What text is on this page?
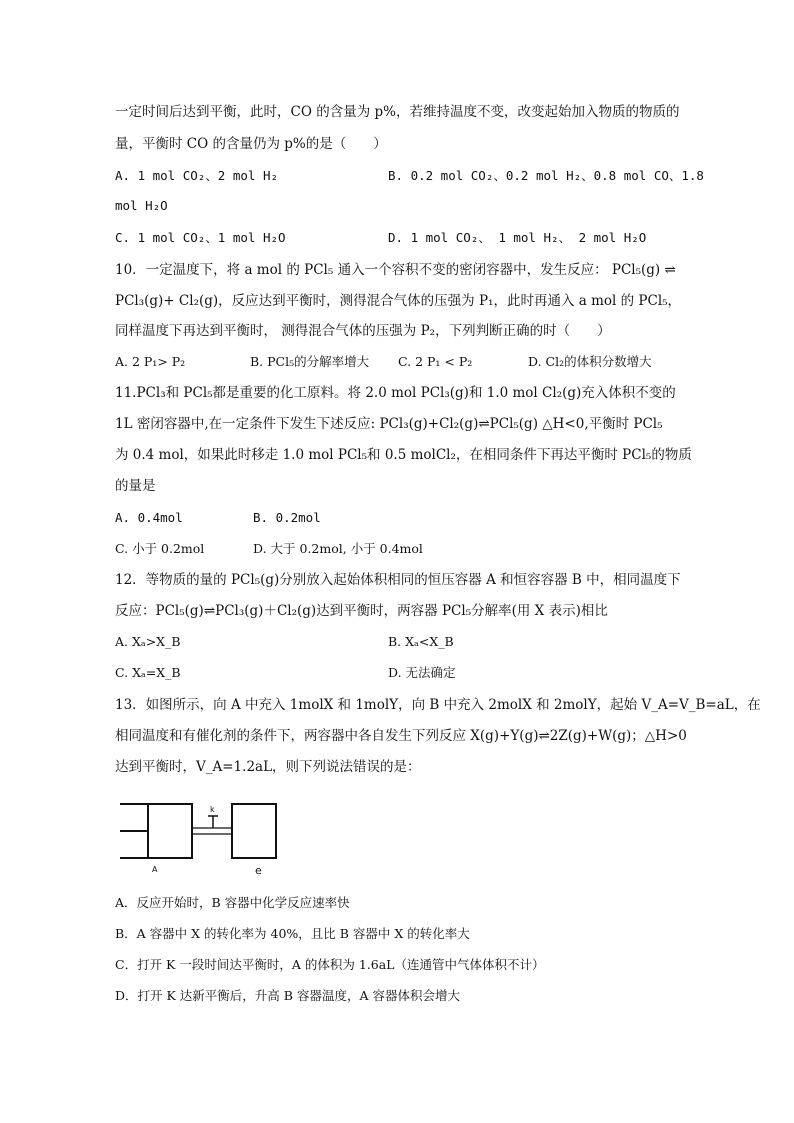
一定时间后达到平衡，此时，CO 的含量为 p%，若维持温度不变，改变起始加入物质的物质的
量，平衡时 CO 的含量仍为 p%的是（　　）
A. 1 mol CO₂、2 mol H₂	B. 0.2 mol CO₂、0.2 mol H₂、0.8 mol CO、1.8
mol H₂O
C. 1 mol CO₂、1 mol H₂O	D. 1 mol CO₂、 1 mol H₂、 2 mol H₂O
10．一定温度下，将 a mol 的 PCl₅ 通入一个容积不变的密闭容器中，发生反应： PCl₅(g) ⇌
PCl₃(g)+ Cl₂(g)，反应达到平衡时，测得混合气体的压强为 P₁，此时再通入 a mol 的 PCl₅，
同样温度下再达到平衡时， 测得混合气体的压强为 P₂，下列判断正确的时（　　）
A. 2 P₁> P₂	B. PCl₅的分解率增大 C. 2 P₁ < P₂	D. Cl₂的体积分数增大
11.PCl₃和 PCl₅都是重要的化工原料。将 2.0 mol PCl₃(g)和 1.0 mol Cl₂(g)充入体积不变的
1L 密闭容器中,在一定条件下发生下述反应: PCl₃(g)+Cl₂(g)⇌PCl₅(g) △H<0,平衡时 PCl₅
为 0.4 mol，如果此时移走 1.0 mol PCl₅和 0.5 molCl₂，在相同条件下再达平衡时 PCl₅的物质
的量是
A. 0.4mol	B. 0.2mol
C. 小于 0.2mol	D. 大于 0.2mol, 小于 0.4mol
12．等物质的量的 PCl₅(g)分别放入起始体积相同的恒压容器 A 和恒容容器 B 中，相同温度下
反应：PCl₅(g)⇌PCl₃(g)＋Cl₂(g)达到平衡时，两容器 PCl₅分解率(用 X 表示)相比
A. Xₐ>X_B	B. Xₐ<X_B
C. Xₐ=X_B	D. 无法确定
13．如图所示，向 A 中充入 1molX 和 1molY，向 B 中充入 2molX 和 2molY，起始 V_A=V_B=aL，在
相同温度和有催化剂的条件下，两容器中各自发生下列反应 X(g)+Y(g)⇌2Z(g)+W(g)；△H>0
达到平衡时，V_A=1.2aL，则下列说法错误的是：
k
A	e
A．反应开始时，B 容器中化学反应速率快
B．A 容器中 X 的转化率为 40%，且比 B 容器中 X 的转化率大
C．打开 K 一段时间达平衡时，A 的体积为 1.6aL（连通管中气体体积不计）
D．打开 K 达新平衡后，升高 B 容器温度，A 容器体积会增大
